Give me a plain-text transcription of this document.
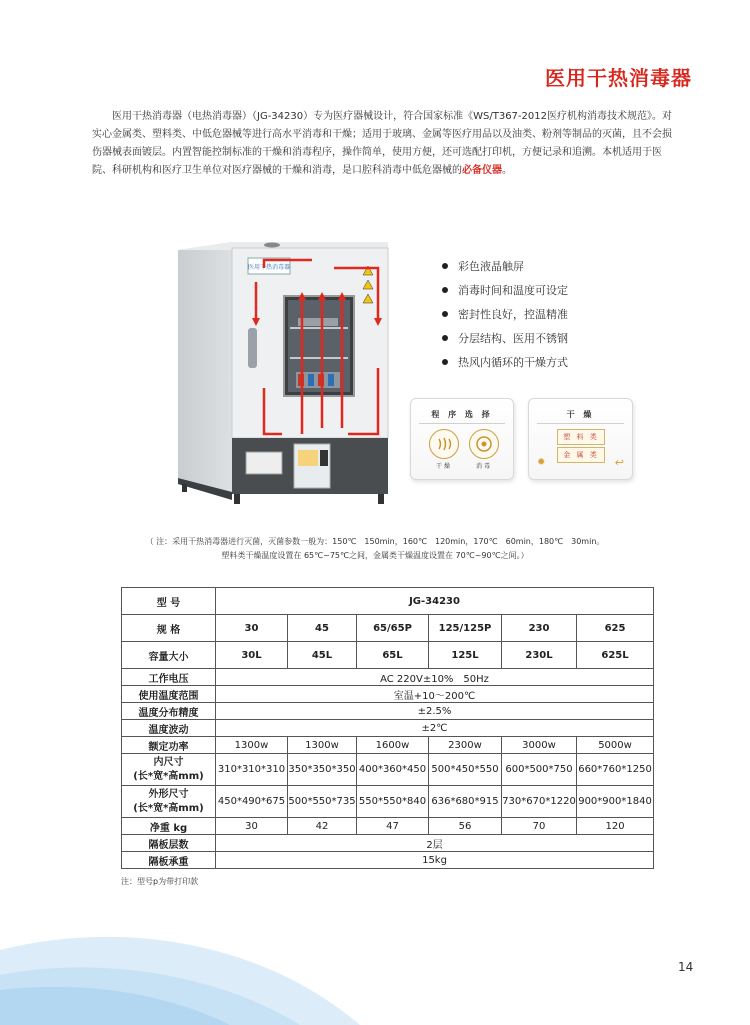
医用干热消毒器
医用干热消毒器（电热消毒器）（JG-34230）专为医疗器械设计，符合国家标准《WS/T367-2012医疗机构消毒技术规范》。对实心金属类、塑料类、中低危器械等进行高水平消毒和干燥；适用于玻璃、金属等医疗用品以及油类、粉剂等制品的灭菌，且不会损伤器械表面镀层。内置智能控制标准的干燥和消毒程序，操作简单，使用方便，还可选配打印机，方便记录和追溯。本机适用于医院、科研机构和医疗卫生单位对医疗器械的干燥和消毒，是口腔科消毒中低危器械的必备仪器。
医用干热消毒器	彩色液晶触屏
消毒时间和温度可设定
密封性良好，控温精准
分层结构、医用不锈钢
热风内循环的干燥方式
程 序 选 择
干 燥	消 毒
干 燥
塑 料 类
金 属 类
✹	↩
（ 注：采用干热消毒器进行灭菌，灭菌参数一般为：150℃　150min，160℃　120min，170℃　60min，180℃　30min。
塑料类干燥温度设置在 65℃~75℃之间，金属类干燥温度设置在 70℃~90℃之间。）
型 号	JG-34230					
规 格	30	45	65/65P	125/125P	230	625
容量大小	30L	45L	65L	125L	230L	625L
工作电压	AC 220V±10%　50Hz					
使用温度范围	室温+10～200℃					
温度分布精度	±2.5%					
温度波动	±2℃					
额定功率	1300w	1300w	1600w	2300w	3000w	5000w
内尺寸
(长*宽*高mm)	310*310*310	350*350*350	400*360*450	500*450*550	600*500*750	660*760*1250
外形尺寸
(长*宽*高mm)	450*490*675	500*550*735	550*550*840	636*680*915	730*670*1220	900*900*1840
净重 kg	30	42	47	56	70	120
隔板层数	2层					
隔板承重	15kg					
注：型号p为带打印款
14
